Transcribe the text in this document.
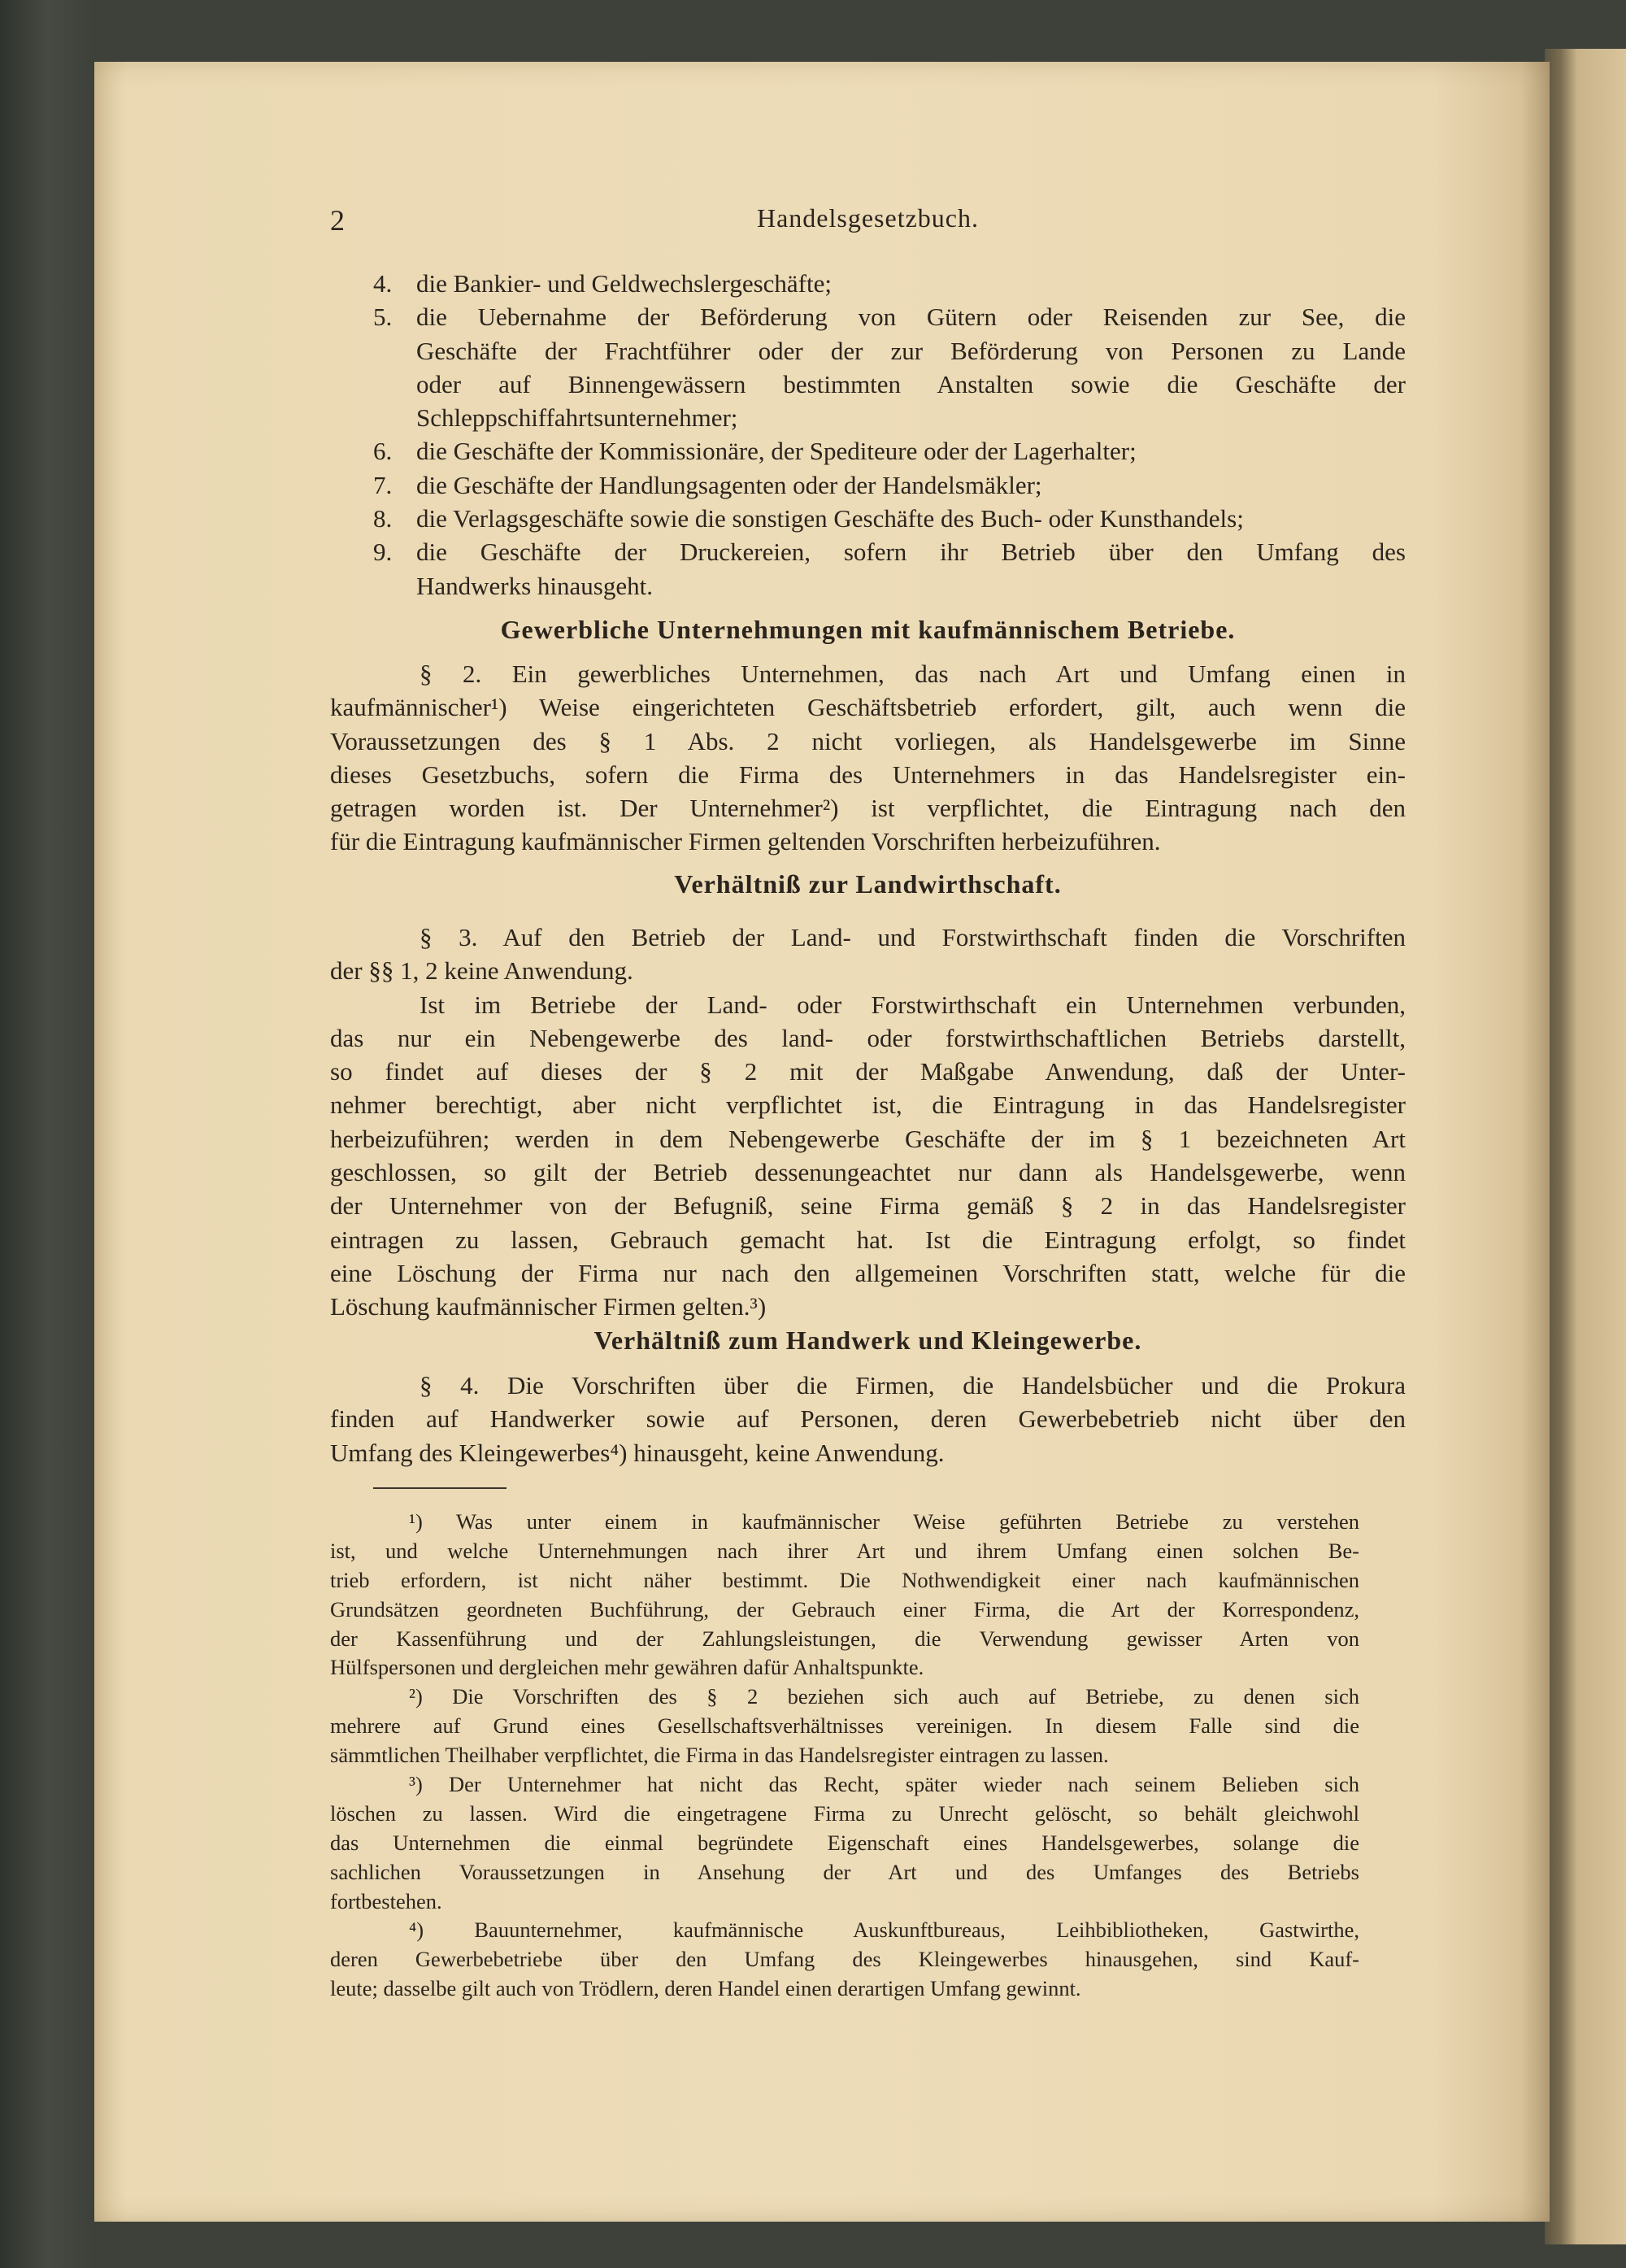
2	Handelsgesetzbuch.
4. die Bankier- und Geldwechslergeschäfte;
5. die Uebernahme der Beförderung von Gütern oder Reisenden zur See, die
Geschäfte der Frachtführer oder der zur Beförderung von Personen zu Lande
oder auf Binnengewässern bestimmten Anstalten sowie die Geschäfte der
Schleppschiffahrtsunternehmer;
6. die Geschäfte der Kommissionäre, der Spediteure oder der Lagerhalter;
7. die Geschäfte der Handlungsagenten oder der Handelsmäkler;
8. die Verlagsgeschäfte sowie die sonstigen Geschäfte des Buch- oder Kunsthandels;
9. die Geschäfte der Druckereien, sofern ihr Betrieb über den Umfang des
Handwerks hinausgeht.
Gewerbliche Unternehmungen mit kaufmännischem Betriebe.
§ 2. Ein gewerbliches Unternehmen, das nach Art und Umfang einen in
kaufmännischer¹) Weise eingerichteten Geschäftsbetrieb erfordert, gilt, auch wenn die
Voraussetzungen des § 1 Abs. 2 nicht vorliegen, als Handelsgewerbe im Sinne
dieses Gesetzbuchs, sofern die Firma des Unternehmers in das Handelsregister ein-
getragen worden ist. Der Unternehmer²) ist verpflichtet, die Eintragung nach den
für die Eintragung kaufmännischer Firmen geltenden Vorschriften herbeizuführen.
Verhältniß zur Landwirthschaft.
§ 3. Auf den Betrieb der Land- und Forstwirthschaft finden die Vorschriften
der §§ 1, 2 keine Anwendung.
Ist im Betriebe der Land- oder Forstwirthschaft ein Unternehmen verbunden,
das nur ein Nebengewerbe des land- oder forstwirthschaftlichen Betriebs darstellt,
so findet auf dieses der § 2 mit der Maßgabe Anwendung, daß der Unter-
nehmer berechtigt, aber nicht verpflichtet ist, die Eintragung in das Handelsregister
herbeizuführen; werden in dem Nebengewerbe Geschäfte der im § 1 bezeichneten Art
geschlossen, so gilt der Betrieb dessenungeachtet nur dann als Handelsgewerbe, wenn
der Unternehmer von der Befugniß, seine Firma gemäß § 2 in das Handelsregister
eintragen zu lassen, Gebrauch gemacht hat. Ist die Eintragung erfolgt, so findet
eine Löschung der Firma nur nach den allgemeinen Vorschriften statt, welche für die
Löschung kaufmännischer Firmen gelten.³)
Verhältniß zum Handwerk und Kleingewerbe.
§ 4. Die Vorschriften über die Firmen, die Handelsbücher und die Prokura
finden auf Handwerker sowie auf Personen, deren Gewerbebetrieb nicht über den
Umfang des Kleingewerbes⁴) hinausgeht, keine Anwendung.
¹) Was unter einem in kaufmännischer Weise geführten Betriebe zu verstehen
ist, und welche Unternehmungen nach ihrer Art und ihrem Umfang einen solchen Be-
trieb erfordern, ist nicht näher bestimmt. Die Nothwendigkeit einer nach kaufmännischen
Grundsätzen geordneten Buchführung, der Gebrauch einer Firma, die Art der Korrespondenz,
der Kassenführung und der Zahlungsleistungen, die Verwendung gewisser Arten von
Hülfspersonen und dergleichen mehr gewähren dafür Anhaltspunkte.
²) Die Vorschriften des § 2 beziehen sich auch auf Betriebe, zu denen sich
mehrere auf Grund eines Gesellschaftsverhältnisses vereinigen. In diesem Falle sind die
sämmtlichen Theilhaber verpflichtet, die Firma in das Handelsregister eintragen zu lassen.
³) Der Unternehmer hat nicht das Recht, später wieder nach seinem Belieben sich
löschen zu lassen. Wird die eingetragene Firma zu Unrecht gelöscht, so behält gleichwohl
das Unternehmen die einmal begründete Eigenschaft eines Handelsgewerbes, solange die
sachlichen Voraussetzungen in Ansehung der Art und des Umfanges des Betriebs
fortbestehen.
⁴) Bauunternehmer, kaufmännische Auskunftbureaus, Leihbibliotheken, Gastwirthe,
deren Gewerbebetriebe über den Umfang des Kleingewerbes hinausgehen, sind Kauf-
leute; dasselbe gilt auch von Trödlern, deren Handel einen derartigen Umfang gewinnt.
